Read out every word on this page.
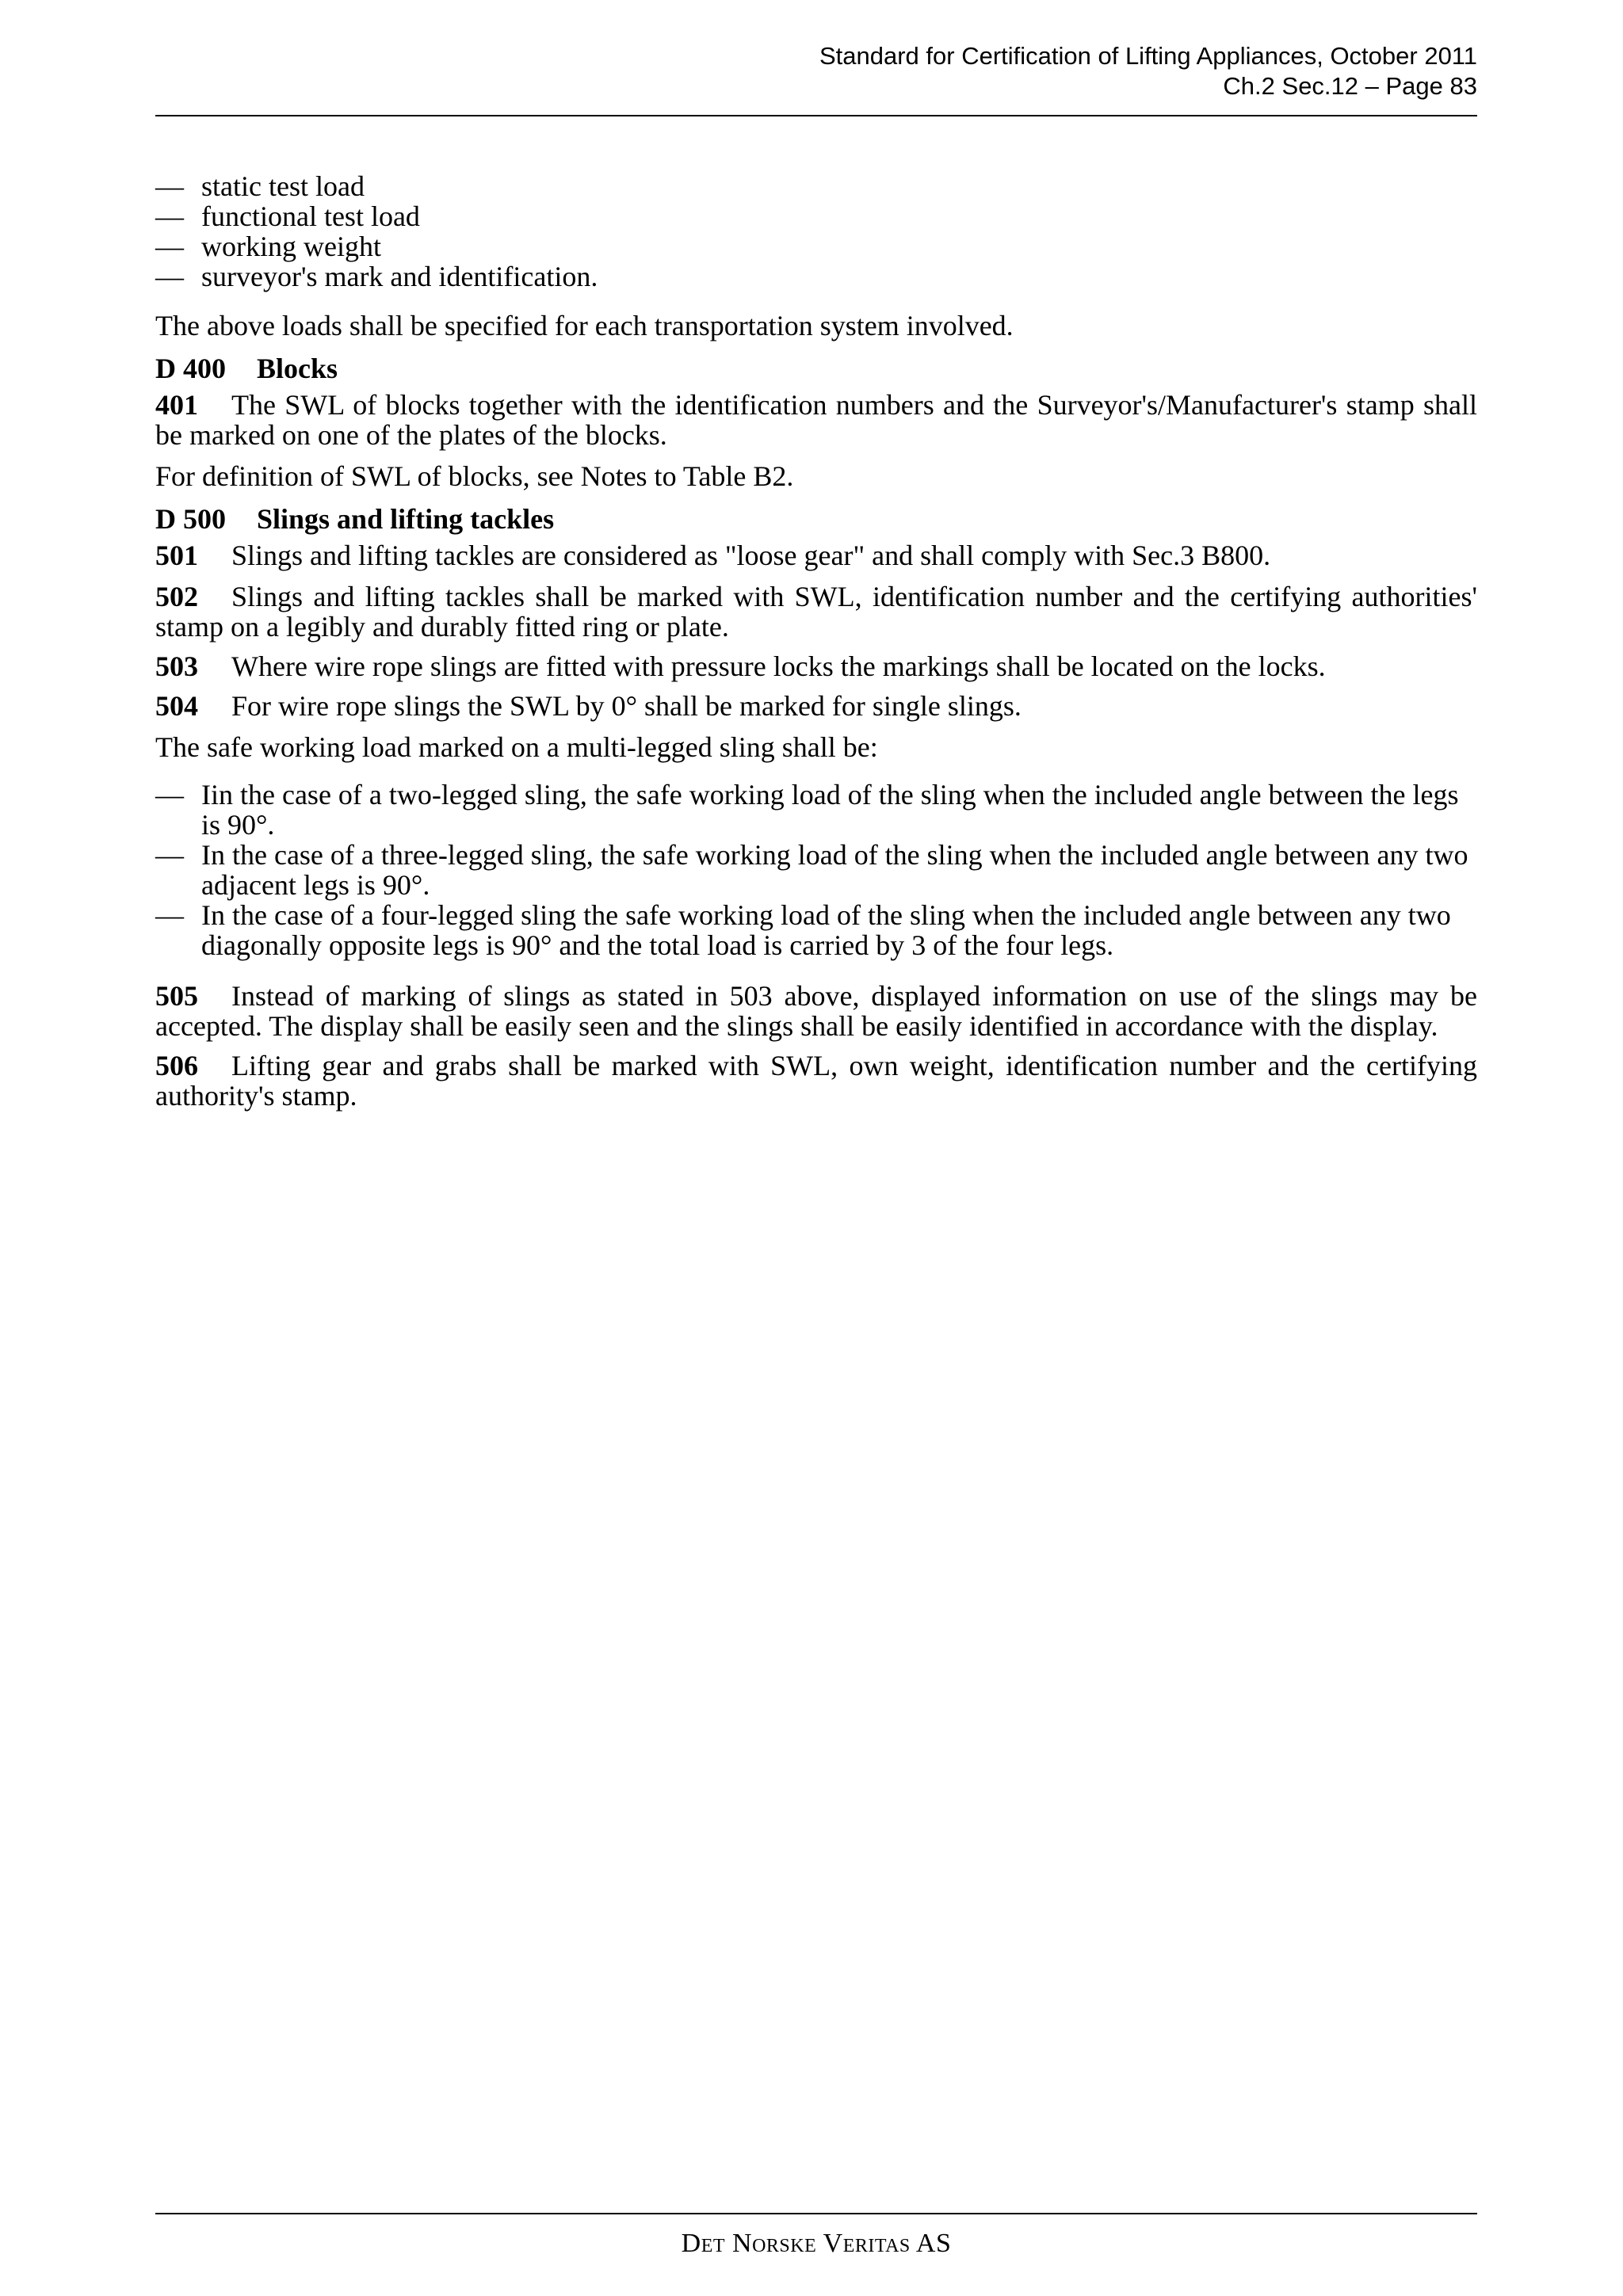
Standard for Certification of Lifting Appliances, October 2011
Ch.2 Sec.12 – Page 83
— static test load
— functional test load
— working weight
— surveyor's mark and identification.

The above loads shall be specified for each transportation system involved.

D 400 Blocks

401 The SWL of blocks together with the identification numbers and the Surveyor's/Manufacturer's stamp shall be marked on one of the plates of the blocks.

For definition of SWL of blocks, see Notes to Table B2.

D 500 Slings and lifting tackles

501 Slings and lifting tackles are considered as "loose gear" and shall comply with Sec.3 B800.

502 Slings and lifting tackles shall be marked with SWL, identification number and the certifying authorities' stamp on a legibly and durably fitted ring or plate.

503 Where wire rope slings are fitted with pressure locks the markings shall be located on the locks.

504 For wire rope slings the SWL by 0° shall be marked for single slings.

The safe working load marked on a multi-legged sling shall be:

— Iin the case of a two-legged sling, the safe working load of the sling when the included angle between the legs is 90°.
— In the case of a three-legged sling, the safe working load of the sling when the included angle between any two adjacent legs is 90°.
— In the case of a four-legged sling the safe working load of the sling when the included angle between any two diagonally opposite legs is 90° and the total load is carried by 3 of the four legs.

505 Instead of marking of slings as stated in 503 above, displayed information on use of the slings may be accepted. The display shall be easily seen and the slings shall be easily identified in accordance with the display.

506 Lifting gear and grabs shall be marked with SWL, own weight, identification number and the certifying authority's stamp.

Det Norske Veritas AS
